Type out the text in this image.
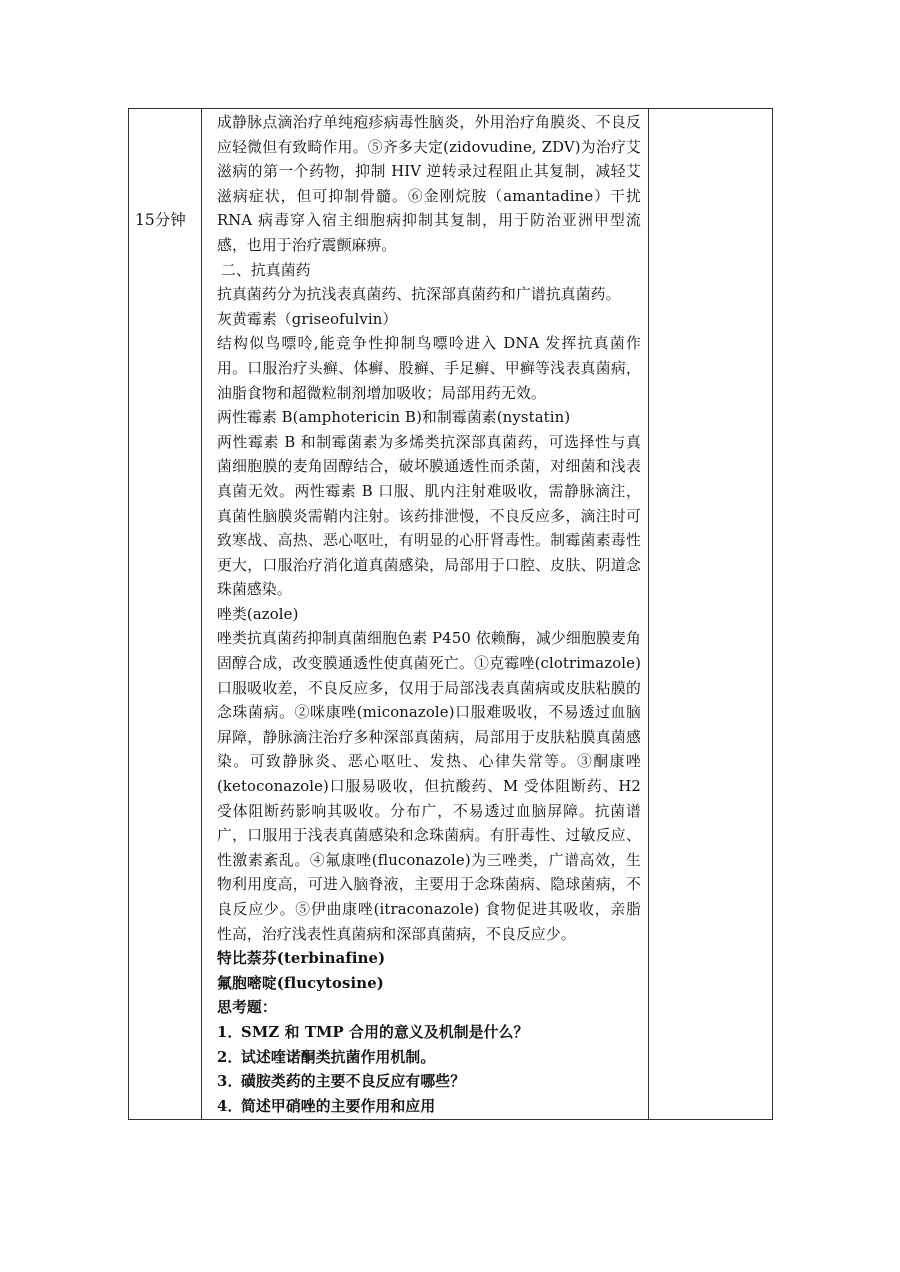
15分钟

成静脉点滴治疗单纯疱疹病毒性脑炎，外用治疗角膜炎、不良反应轻微但有致畸作用。⑤齐多夫定(zidovudine, ZDV)为治疗艾滋病的第一个药物，抑制 HIV 逆转录过程阻止其复制，减轻艾滋病症状，但可抑制骨髓。⑥金刚烷胺（amantadine）干扰 RNA 病毒穿入宿主细胞病抑制其复制，用于防治亚洲甲型流感，也用于治疗震颤麻痹。

二、抗真菌药

抗真菌药分为抗浅表真菌药、抗深部真菌药和广谱抗真菌药。

灰黄霉素（griseofulvin）

结构似鸟嘌呤,能竞争性抑制鸟嘌呤进入 DNA 发挥抗真菌作用。口服治疗头癣、体癣、股癣、手足癣、甲癣等浅表真菌病，油脂食物和超微粒制剂增加吸收；局部用药无效。

两性霉素 B(amphotericin B)和制霉菌素(nystatin)

两性霉素 B 和制霉菌素为多烯类抗深部真菌药，可选择性与真菌细胞膜的麦角固醇结合，破坏膜通透性而杀菌，对细菌和浅表真菌无效。两性霉素 B 口服、肌内注射难吸收，需静脉滴注，真菌性脑膜炎需鞘内注射。该药排泄慢，不良反应多，滴注时可致寒战、高热、恶心呕吐，有明显的心肝肾毒性。制霉菌素毒性更大，口服治疗消化道真菌感染，局部用于口腔、皮肤、阴道念珠菌感染。

唑类(azole)

唑类抗真菌药抑制真菌细胞色素 P450 依赖酶，减少细胞膜麦角固醇合成，改变膜通透性使真菌死亡。①克霉唑(clotrimazole)口服吸收差，不良反应多，仅用于局部浅表真菌病或皮肤粘膜的念珠菌病。②咪康唑(miconazole)口服难吸收，不易透过血脑屏障，静脉滴注治疗多种深部真菌病，局部用于皮肤粘膜真菌感染。可致静脉炎、恶心呕吐、发热、心律失常等。③酮康唑(ketoconazole)口服易吸收，但抗酸药、M 受体阻断药、H2 受体阻断药影响其吸收。分布广，不易透过血脑屏障。抗菌谱广，口服用于浅表真菌感染和念珠菌病。有肝毒性、过敏反应、性激素紊乱。④氟康唑(fluconazole)为三唑类，广谱高效，生物利用度高，可进入脑脊液，主要用于念珠菌病、隐球菌病，不良反应少。⑤伊曲康唑(itraconazole) 食物促进其吸收，亲脂性高，治疗浅表性真菌病和深部真菌病，不良反应少。

特比萘芬(terbinafine)

氟胞嘧啶(flucytosine)

思考题：

1．SMZ 和 TMP 合用的意义及机制是什么？

2．试述喹诺酮类抗菌作用机制。

3．磺胺类药的主要不良反应有哪些？

4．简述甲硝唑的主要作用和应用
